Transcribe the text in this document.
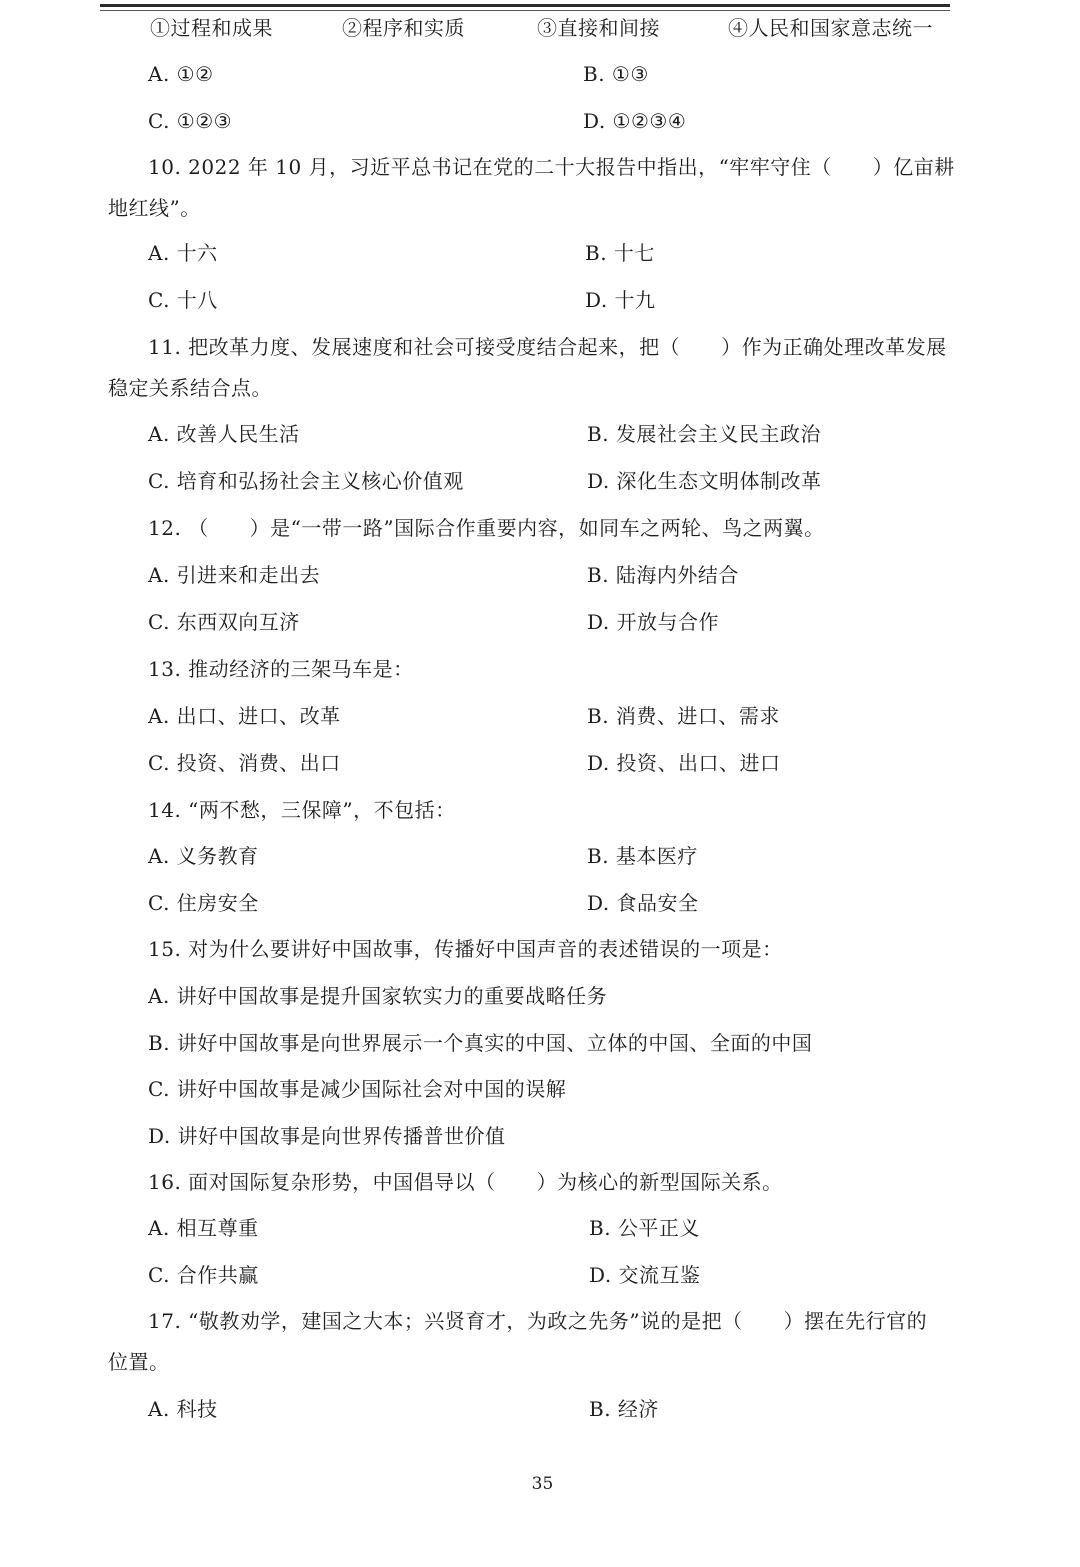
①过程和成果	②程序和实质	③直接和间接	④人民和国家意志统一
A. ①②	B. ①③
C. ①②③	D. ①②③④
10. 2022 年 10 月，习近平总书记在党的二十大报告中指出，“牢牢守住（　　）亿亩耕
地红线”。
A. 十六	B. 十七
C. 十八	D. 十九
11. 把改革力度、发展速度和社会可接受度结合起来，把（　　）作为正确处理改革发展
稳定关系结合点。
A. 改善人民生活	B. 发展社会主义民主政治
C. 培育和弘扬社会主义核心价值观	D. 深化生态文明体制改革
12. （　　）是“一带一路”国际合作重要内容，如同车之两轮、鸟之两翼。
A. 引进来和走出去	B. 陆海内外结合
C. 东西双向互济	D. 开放与合作
13. 推动经济的三架马车是：
A. 出口、进口、改革	B. 消费、进口、需求
C. 投资、消费、出口	D. 投资、出口、进口
14. “两不愁，三保障”，不包括：
A. 义务教育	B. 基本医疗
C. 住房安全	D. 食品安全
15. 对为什么要讲好中国故事，传播好中国声音的表述错误的一项是：
A. 讲好中国故事是提升国家软实力的重要战略任务
B. 讲好中国故事是向世界展示一个真实的中国、立体的中国、全面的中国
C. 讲好中国故事是减少国际社会对中国的误解
D. 讲好中国故事是向世界传播普世价值
16. 面对国际复杂形势，中国倡导以（　　）为核心的新型国际关系。
A. 相互尊重	B. 公平正义
C. 合作共赢	D. 交流互鉴
17. “敬教劝学，建国之大本；兴贤育才，为政之先务”说的是把（　　）摆在先行官的
位置。
A. 科技	B. 经济
35
